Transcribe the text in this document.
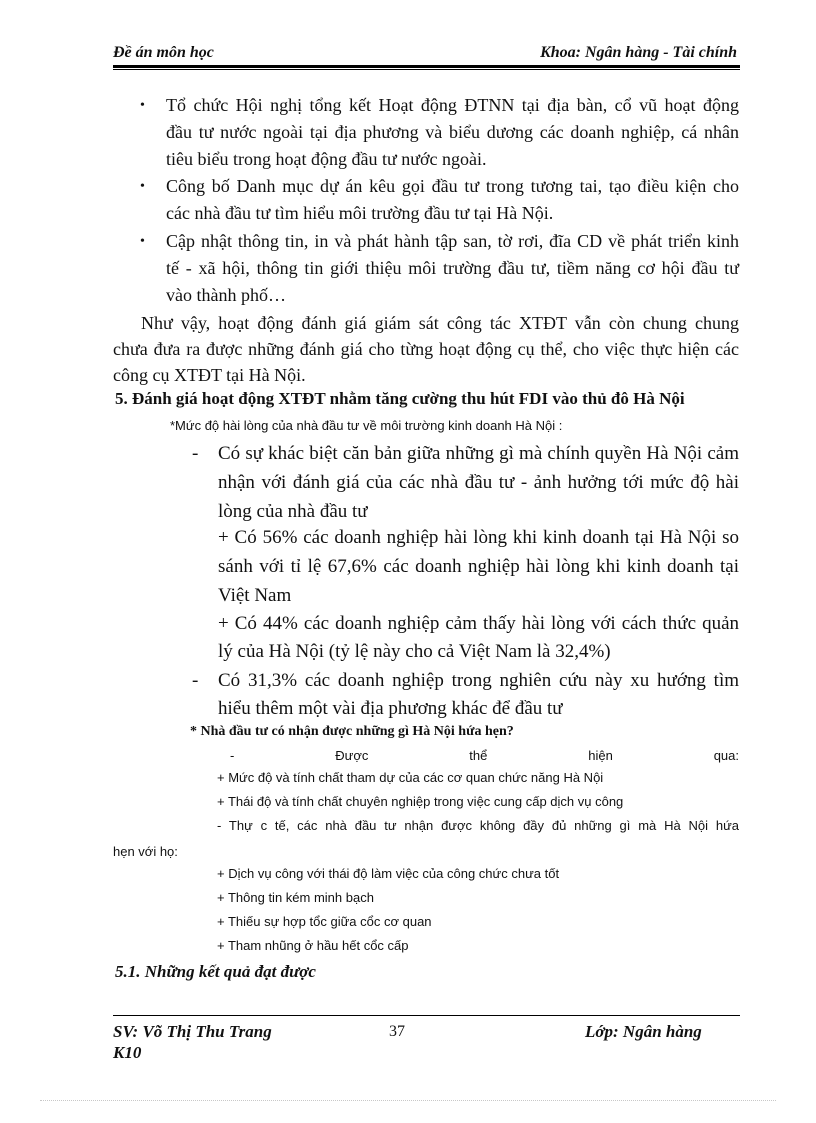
Đề án môn học	Khoa: Ngân hàng - Tài chính
• Tổ chức Hội nghị tổng kết Hoạt động ĐTNN tại địa bàn, cổ vũ hoạt động
đầu tư nước ngoài tại địa phương và biểu dương các doanh nghiệp, cá nhân
tiêu biểu trong hoạt động đầu tư nước ngoài.
• Công bố Danh mục dự án kêu gọi đầu tư trong tương tai, tạo điều kiện cho
các nhà đầu tư tìm hiểu môi trường đầu tư tại Hà Nội.
• Cập nhật thông tin, in và phát hành tập san, tờ rơi, đĩa CD về phát triển kinh
tế - xã hội, thông tin giới thiệu môi trường đầu tư, tiềm năng cơ hội đầu tư
vào thành phố…
Như vậy, hoạt động đánh giá giám sát công tác XTĐT vẫn còn chung chung
chưa đưa ra được những đánh giá cho từng hoạt động cụ thể, cho việc thực hiện các
công cụ XTĐT tại Hà Nội.
5. Đánh giá hoạt động XTĐT nhằm tăng cường thu hút FDI vào thủ đô Hà Nội
*Mức độ hài lòng của nhà đầu tư về môi trường kinh doanh Hà Nội :
- Có sự khác biệt căn bản giữa những gì mà chính quyền Hà Nội cảm
nhận với đánh giá của các nhà đầu tư - ảnh hưởng tới mức độ hài
lòng của nhà đầu tư
+ Có 56% các doanh nghiệp hài lòng khi kinh doanh tại Hà Nội so
sánh với tỉ lệ 67,6% các doanh nghiệp hài lòng khi kinh doanh tại
Việt Nam
+ Có 44% các doanh nghiệp cảm thấy hài lòng với cách thức quản
lý của Hà Nội (tỷ lệ này cho cả Việt Nam là 32,4%)
- Có 31,3% các doanh nghiệp trong nghiên cứu này xu hướng tìm
hiểu thêm một vài địa phương khác để đầu tư
* Nhà đầu tư có nhận được những gì Hà Nội hứa hẹn?
-	Được	thể	hiện	qua:
+ Mức độ và tính chất tham dự của các cơ quan chức năng Hà Nội
+ Thái độ và tính chất chuyên nghiệp trong việc cung cấp dịch vụ công
- Thự c tế, các nhà đầu tư nhận được không đầy đủ những gì mà Hà Nội hứa
hẹn với họ:
+ Dịch vụ công với thái độ làm việc của công chức chưa tốt
+ Thông tin kém minh bạch
+ Thiếu sự hợp tổc giữa cổc cơ quan
+ Tham nhũng ở hầu hết cổc cấp
5.1. Những kết quả đạt được
SV: Võ Thị Thu Trang	37	Lớp: Ngân hàng
K10
